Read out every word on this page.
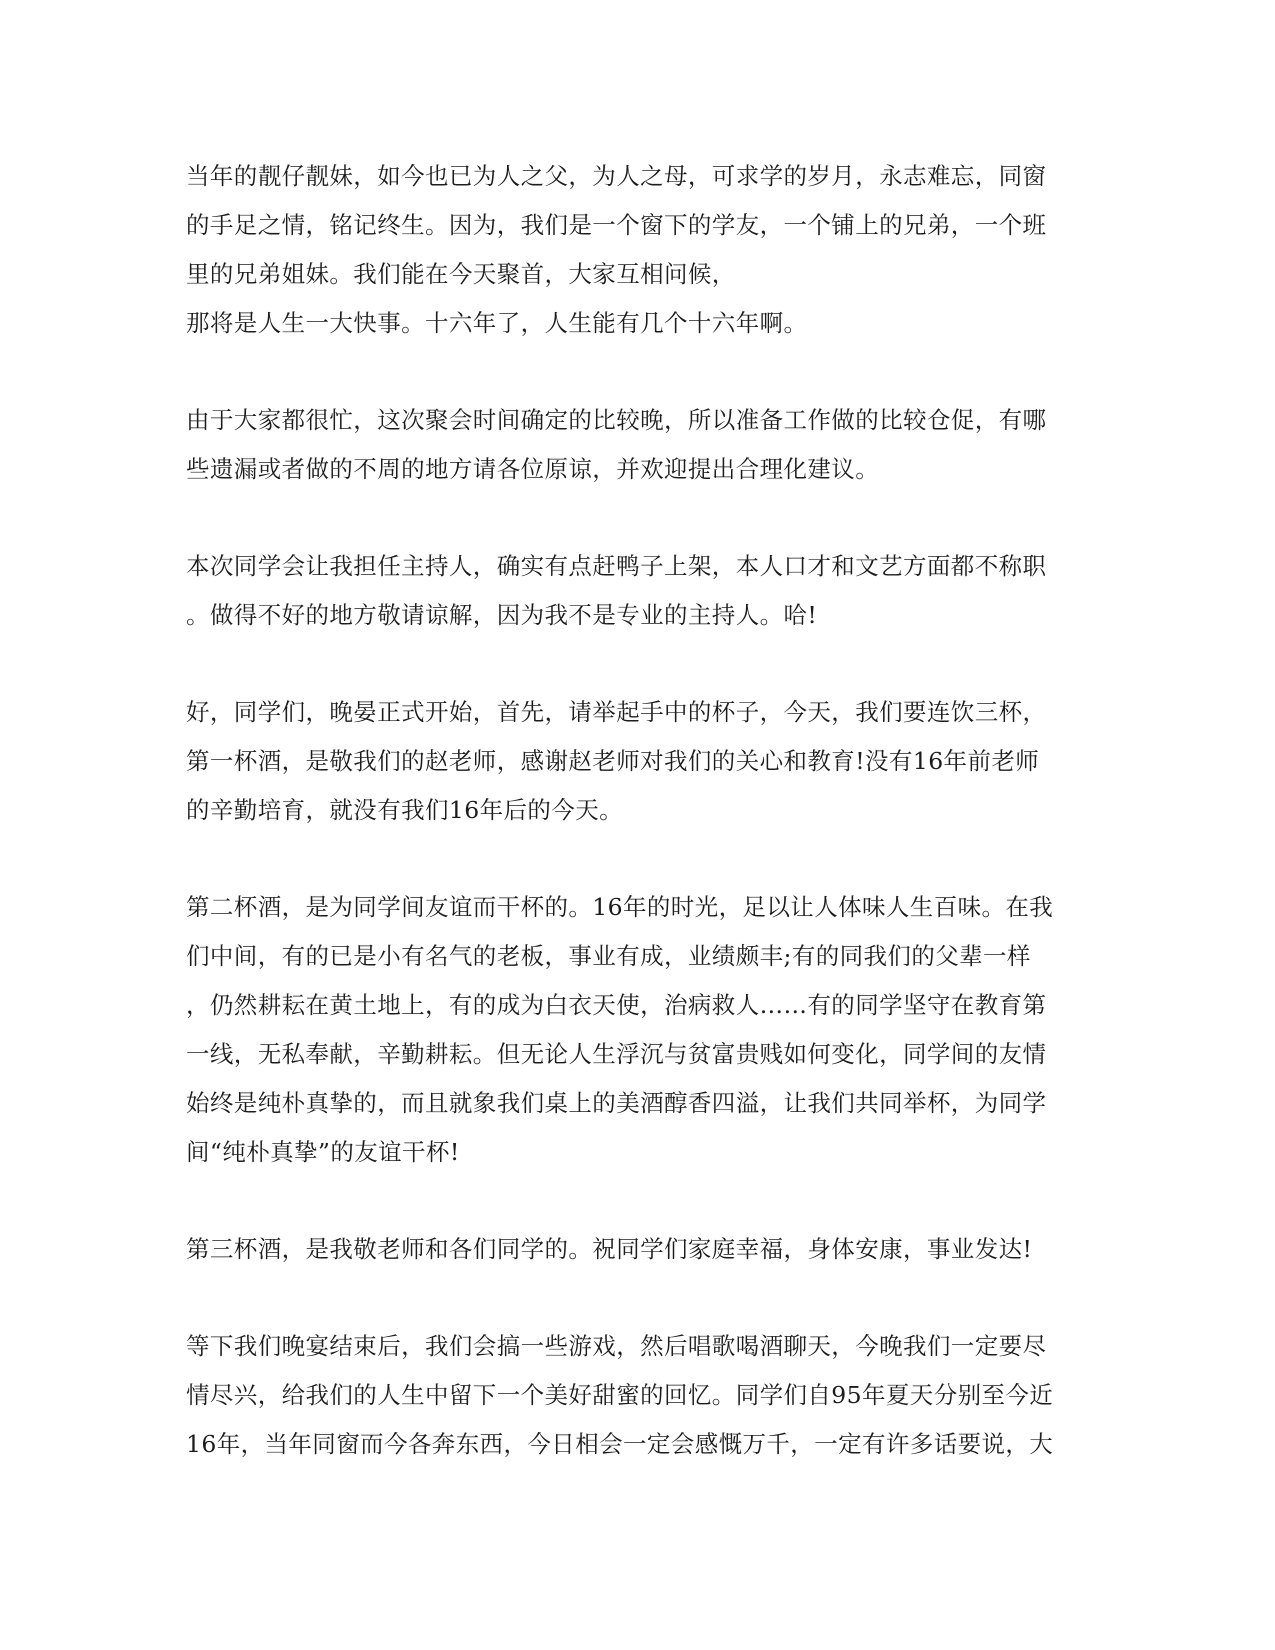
当年的靓仔靓妹，如今也已为人之父，为人之母，可求学的岁月，永志难忘，同窗
的手足之情，铭记终生。因为，我们是一个窗下的学友，一个铺上的兄弟，一个班
里的兄弟姐妹。我们能在今天聚首，大家互相问候，
那将是人生一大快事。十六年了，人生能有几个十六年啊。
由于大家都很忙，这次聚会时间确定的比较晚，所以准备工作做的比较仓促，有哪
些遗漏或者做的不周的地方请各位原谅，并欢迎提出合理化建议。
本次同学会让我担任主持人，确实有点赶鸭子上架，本人口才和文艺方面都不称职
。做得不好的地方敬请谅解，因为我不是专业的主持人。哈!
好，同学们，晚晏正式开始，首先，请举起手中的杯子，今天，我们要连饮三杯，
第一杯酒，是敬我们的赵老师，感谢赵老师对我们的关心和教育!没有16年前老师
的辛勤培育，就没有我们16年后的今天。
第二杯酒，是为同学间友谊而干杯的。16年的时光，足以让人体味人生百味。在我
们中间，有的已是小有名气的老板，事业有成，业绩颇丰;有的同我们的父辈一样
，仍然耕耘在黄土地上，有的成为白衣天使，治病救人……有的同学坚守在教育第
一线，无私奉献，辛勤耕耘。但无论人生浮沉与贫富贵贱如何变化，同学间的友情
始终是纯朴真挚的，而且就象我们桌上的美酒醇香四溢，让我们共同举杯，为同学
间“纯朴真挚”的友谊干杯!
第三杯酒，是我敬老师和各们同学的。祝同学们家庭幸福，身体安康，事业发达!
等下我们晚宴结束后，我们会搞一些游戏，然后唱歌喝酒聊天，今晚我们一定要尽
情尽兴，给我们的人生中留下一个美好甜蜜的回忆。同学们自95年夏天分别至今近
16年，当年同窗而今各奔东西，今日相会一定会感慨万千，一定有许多话要说，大
